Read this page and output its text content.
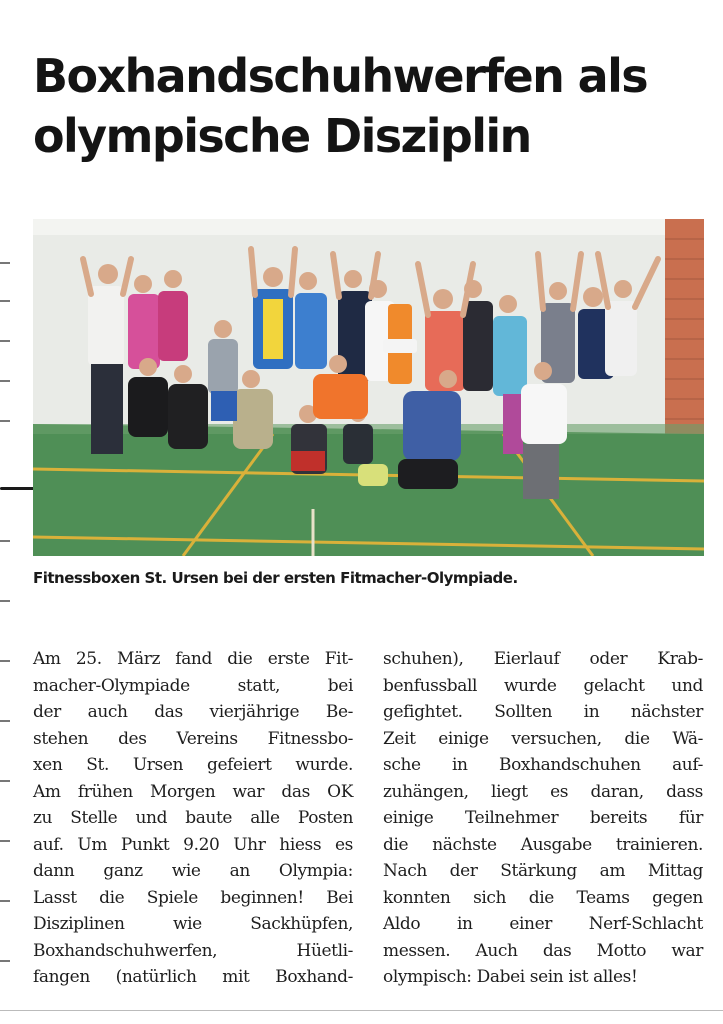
Boxhandschuhwerfen als
olympische Disziplin

Fitnessboxen St. Ursen bei der ersten Fitmacher-Olympiade.

Am 25. März fand die erste Fit-
macher-Olympiade statt, bei
der auch das vierjährige Be-
stehen des Vereins Fitnessbo-
xen St. Ursen gefeiert wurde.
Am frühen Morgen war das OK
zu Stelle und baute alle Posten
auf. Um Punkt 9.20 Uhr hiess es
dann ganz wie an Olympia:
Lasst die Spiele beginnen! Bei
Disziplinen wie Sackhüpfen,
Boxhandschuhwerfen, Hüetli-
fangen (natürlich mit Boxhand-
schuhen), Eierlauf oder Krab-
benfussball wurde gelacht und
gefightet. Sollten in nächster
Zeit einige versuchen, die Wä-
sche in Boxhandschuhen auf-
zuhängen, liegt es daran, dass
einige Teilnehmer bereits für
die nächste Ausgabe trainieren.
Nach der Stärkung am Mittag
konnten sich die Teams gegen
Aldo in einer Nerf-Schlacht
messen. Auch das Motto war
olympisch: Dabei sein ist alles!
